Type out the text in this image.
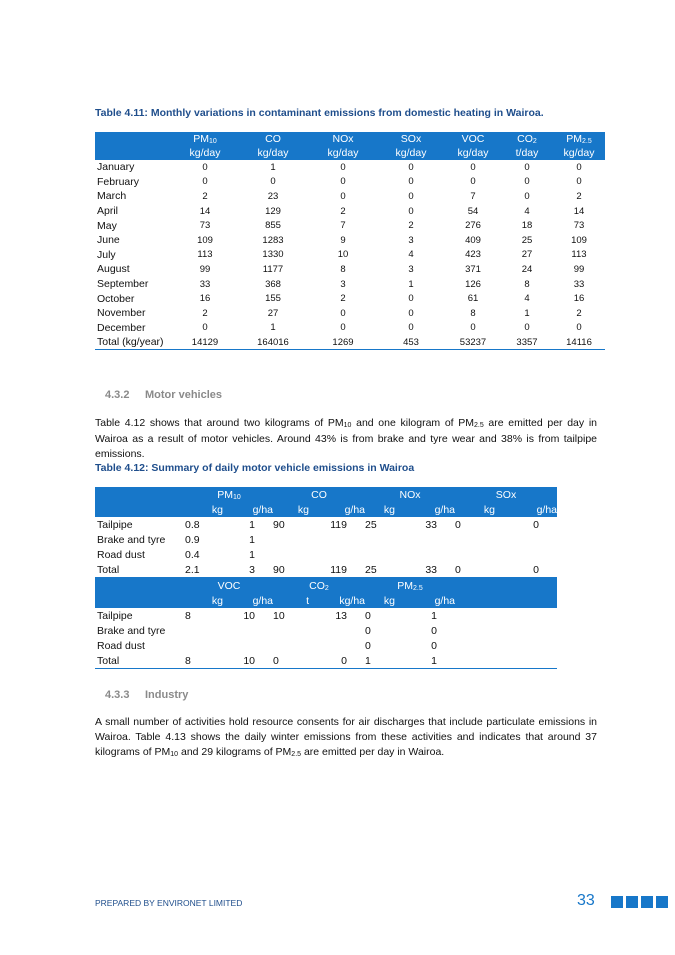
Table 4.11: Monthly variations in contaminant emissions from domestic heating in Wairoa.
	$PM_{10}$	CO	NOx	SOx	VOC	$CO_2$	$PM_{2.5}$
	kg/day	kg/day	kg/day	kg/day	kg/day	t/day	kg/day
January	0	1	0	0	0	0	0
February	0	0	0	0	0	0	0
March	2	23	0	0	7	0	2
April	14	129	2	0	54	4	14
May	73	855	7	2	276	18	73
June	109	1283	9	3	409	25	109
July	113	1330	10	4	423	27	113
August	99	1177	8	3	371	24	99
September	33	368	3	1	126	8	33
October	16	155	2	0	61	4	16
November	2	27	0	0	8	1	2
December	0	1	0	0	0	0	0
Total (kg/year)	14129	164016	1269	453	53237	3357	14116
4.3.2 Motor vehicles
Table 4.12 shows that around two kilograms of $PM_{10}$ and one kilogram of $PM_{2.5}$ are emitted per day in Wairoa as a result of motor vehicles. Around 43% is from brake and tyre wear and 38% is from tailpipe emissions.
Table 4.12: Summary of daily motor vehicle emissions in Wairoa
	$PM_{10}$		CO		NOx		SOx	
	kg	g/ha	kg	g/ha	kg	g/ha	kg	g/ha
Tailpipe	0.8	1	90	119	25	33	0	0
Brake and tyre	0.9	1						
Road dust	0.4	1						
Total	2.1	3	90	119	25	33	0	0
	VOC		$CO_2$		$PM_{2.5}$	
	kg	g/ha	t	kg/ha	kg	g/ha		
Tailpipe	8	10	10	13	0	1		
Brake and tyre					0	0		
Road dust					0	0		
Total	8	10	0	0	1	1		
4.3.3 Industry
A small number of activities hold resource consents for air discharges that include particulate emissions in Wairoa. Table 4.13 shows the daily winter emissions from these activities and indicates that around 37 kilograms of $PM_{10}$ and 29 kilograms of $PM_{2.5}$ are emitted per day in Wairoa.
PREPARED BY ENVIRONET LIMITED	33
